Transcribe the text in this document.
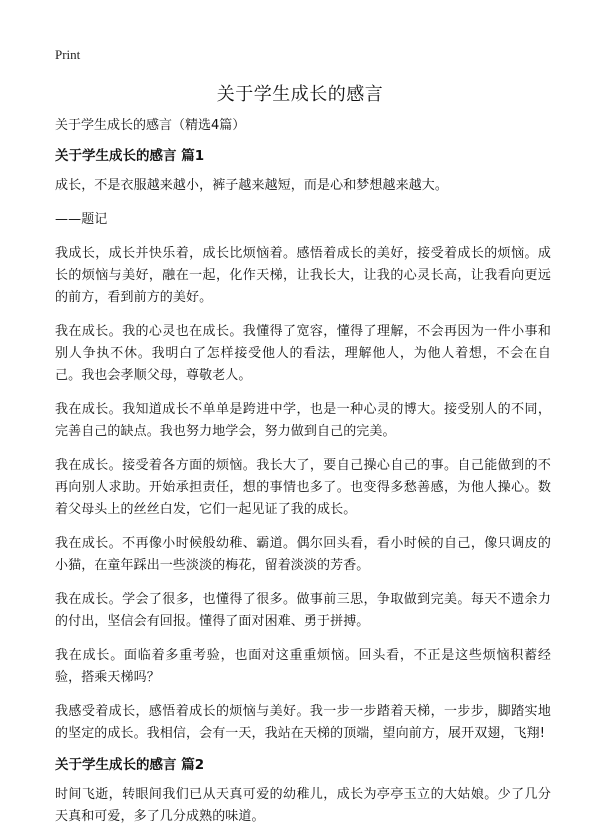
Print
关于学生成长的感言

关于学生成长的感言（精选4篇）

关于学生成长的感言 篇1

成长，不是衣服越来越小，裤子越来越短，而是心和梦想越来越大。

——题记

我成长，成长并快乐着，成长比烦恼着。感悟着成长的美好，接受着成长的烦恼。成长的烦恼与美好，融在一起，化作天梯，让我长大，让我的心灵长高，让我看向更远的前方，看到前方的美好。

我在成长。我的心灵也在成长。我懂得了宽容，懂得了理解，不会再因为一件小事和别人争执不休。我明白了怎样接受他人的看法，理解他人，为他人着想，不会在自己。我也会孝顺父母，尊敬老人。

我在成长。我知道成长不单单是跨进中学，也是一种心灵的博大。接受别人的不同，完善自己的缺点。我也努力地学会，努力做到自己的完美。

我在成长。接受着各方面的烦恼。我长大了，要自己操心自己的事。自己能做到的不再向别人求助。开始承担责任，想的事情也多了。也变得多愁善感，为他人操心。数着父母头上的丝丝白发，它们一起见证了我的成长。

我在成长。不再像小时候般幼稚、霸道。偶尔回头看，看小时候的自己，像只调皮的小猫，在童年踩出一些淡淡的梅花，留着淡淡的芳香。

我在成长。学会了很多，也懂得了很多。做事前三思，争取做到完美。每天不遗余力的付出，坚信会有回报。懂得了面对困难、勇于拼搏。

我在成长。面临着多重考验，也面对这重重烦恼。回头看，不正是这些烦恼积蓄经验，搭乘天梯吗？

我感受着成长，感悟着成长的烦恼与美好。我一步一步踏着天梯，一步步，脚踏实地的坚定的成长。我相信，会有一天，我站在天梯的顶端，望向前方，展开双翅，飞翔!

关于学生成长的感言 篇2

时间飞逝，转眼间我们已从天真可爱的幼稚儿，成长为亭亭玉立的大姑娘。少了几分天真和可爱，多了几分成熟的味道。
